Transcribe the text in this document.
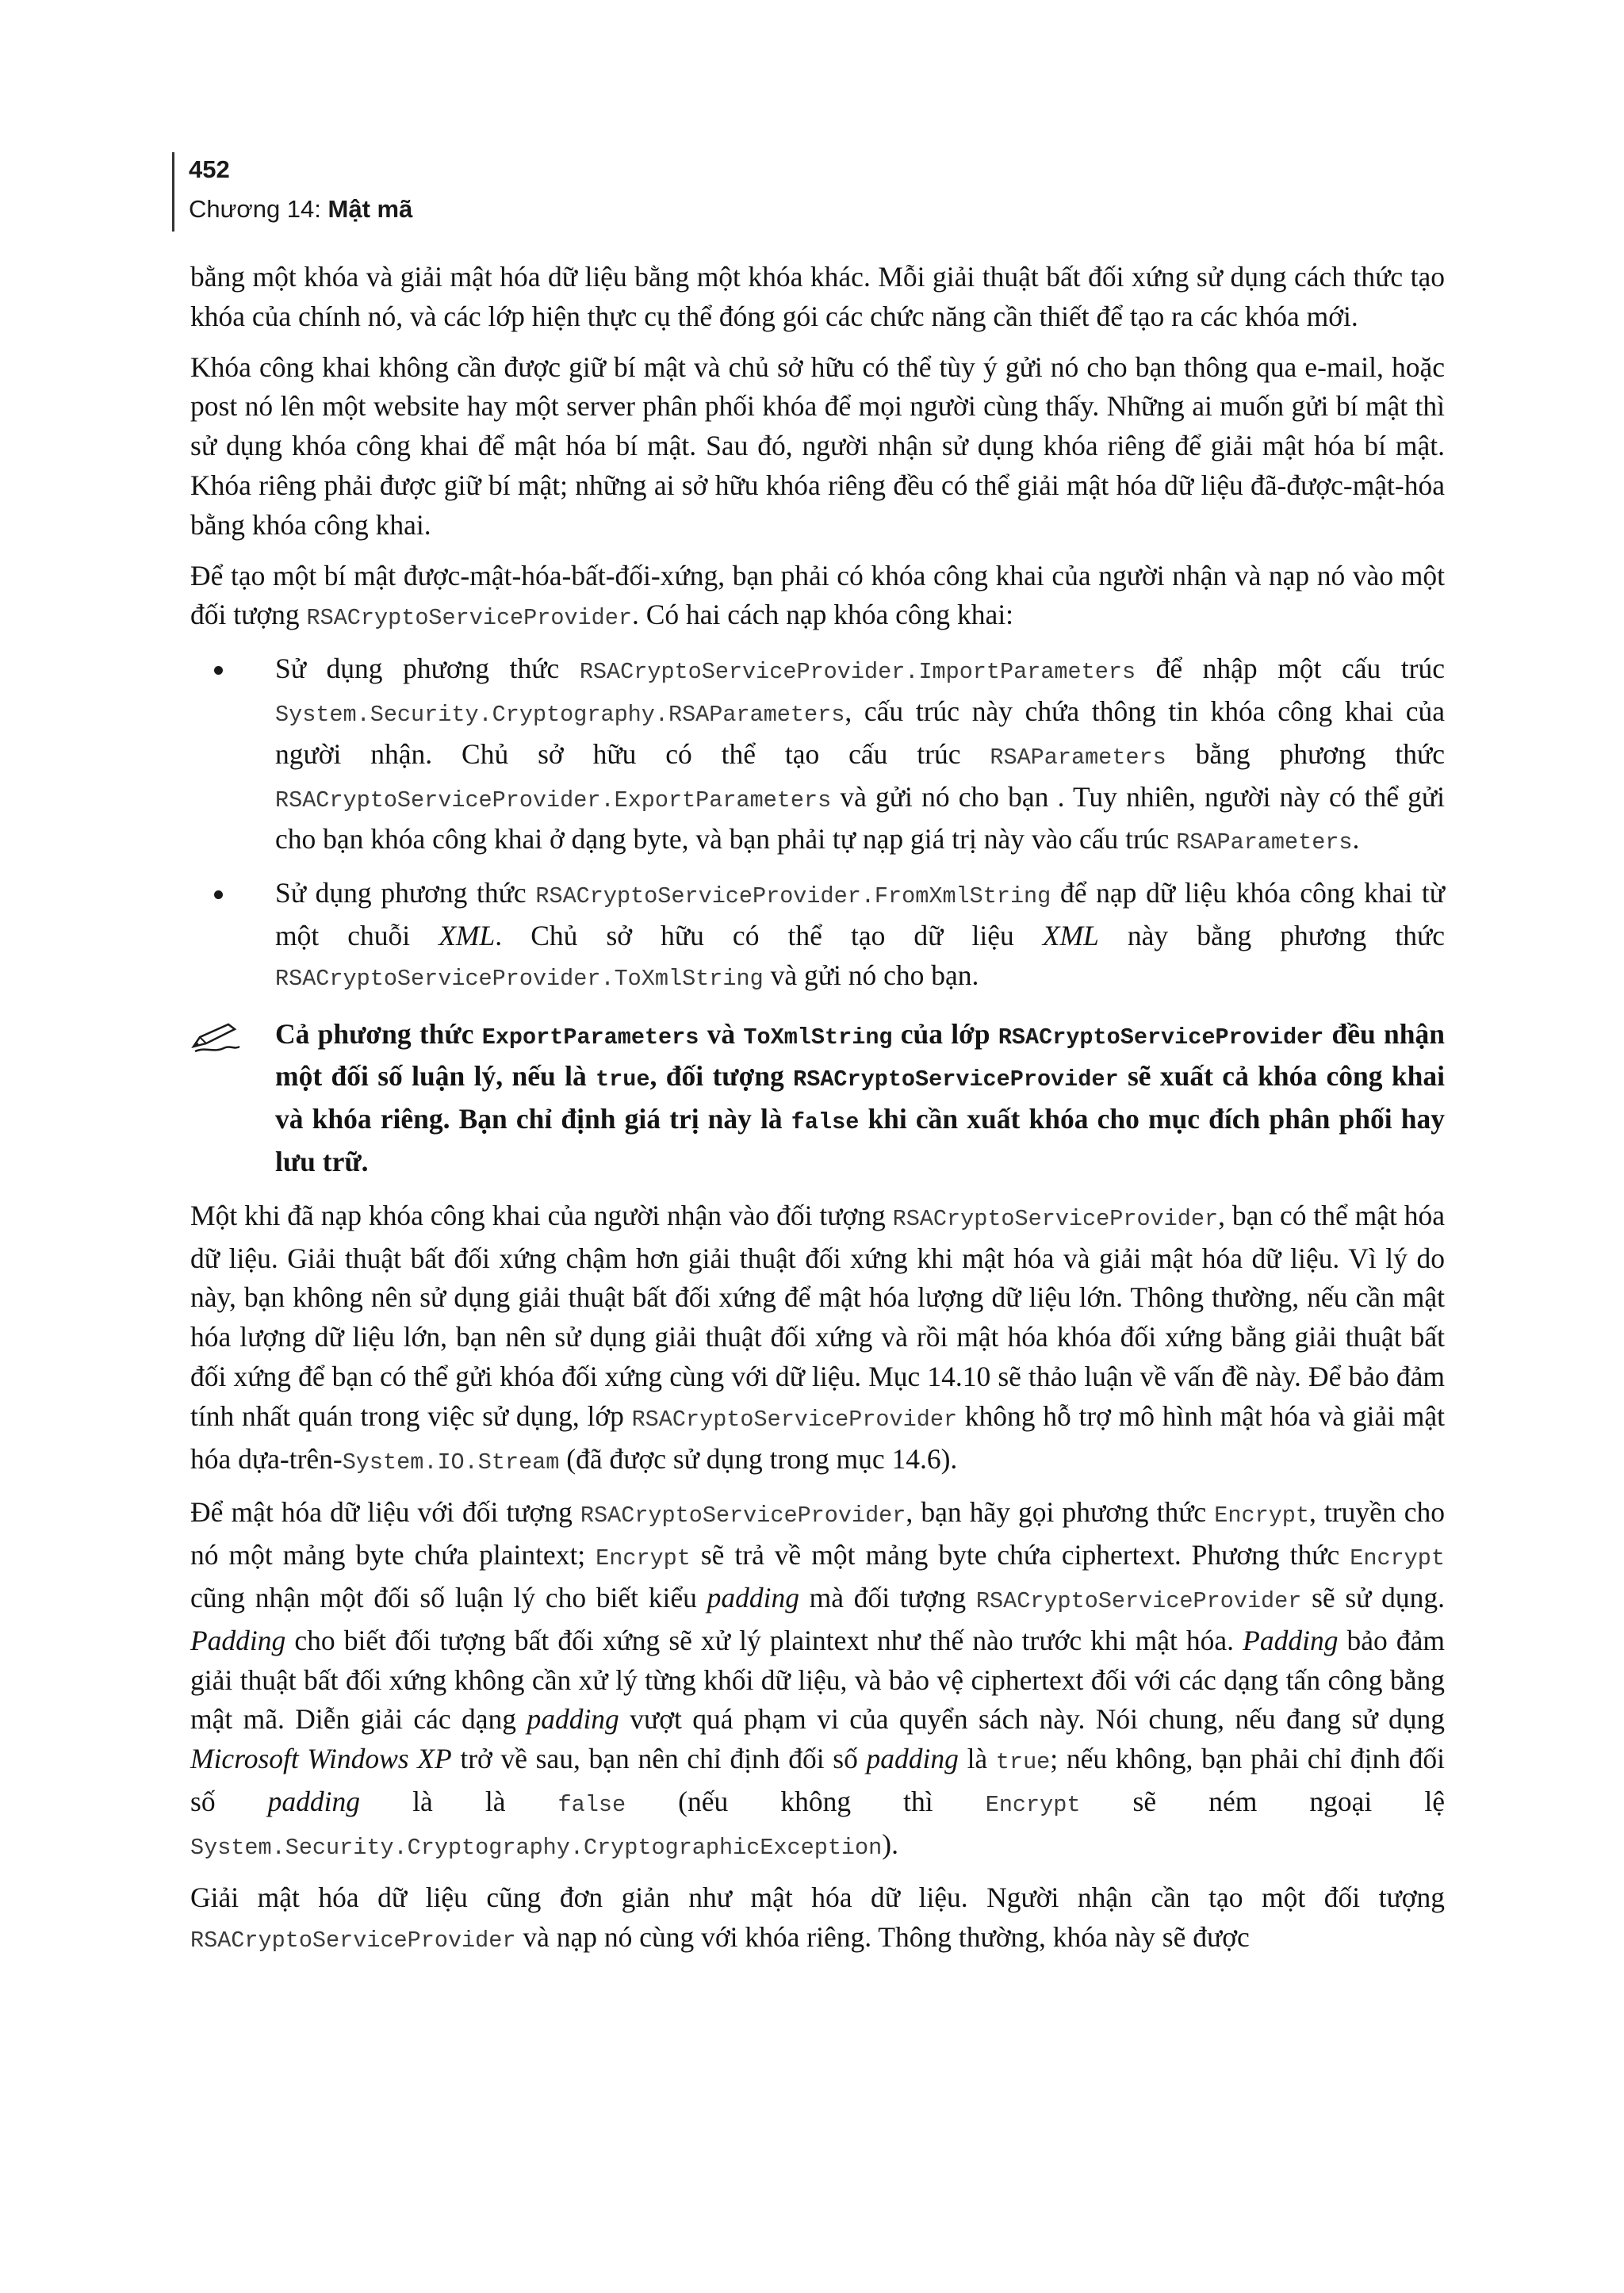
452
Chương 14: Mật mã

bằng một khóa và giải mật hóa dữ liệu bằng một khóa khác. Mỗi giải thuật bất đối xứng sử dụng cách thức tạo khóa của chính nó, và các lớp hiện thực cụ thể đóng gói các chức năng cần thiết để tạo ra các khóa mới.

Khóa công khai không cần được giữ bí mật và chủ sở hữu có thể tùy ý gửi nó cho bạn thông qua e-mail, hoặc post nó lên một website hay một server phân phối khóa để mọi người cùng thấy. Những ai muốn gửi bí mật thì sử dụng khóa công khai để mật hóa bí mật. Sau đó, người nhận sử dụng khóa riêng để giải mật hóa bí mật. Khóa riêng phải được giữ bí mật; những ai sở hữu khóa riêng đều có thể giải mật hóa dữ liệu đã-được-mật-hóa bằng khóa công khai.

Để tạo một bí mật được-mật-hóa-bất-đối-xứng, bạn phải có khóa công khai của người nhận và nạp nó vào một đối tượng RSACryptoServiceProvider. Có hai cách nạp khóa công khai:

Sử dụng phương thức RSACryptoServiceProvider.ImportParameters để nhập một cấu trúc System.Security.Cryptography.RSAParameters, cấu trúc này chứa thông tin khóa công khai của người nhận. Chủ sở hữu có thể tạo cấu trúc RSAParameters bằng phương thức RSACryptoServiceProvider.ExportParameters và gửi nó cho bạn . Tuy nhiên, người này có thể gửi cho bạn khóa công khai ở dạng byte, và bạn phải tự nạp giá trị này vào cấu trúc RSAParameters.
Sử dụng phương thức RSACryptoServiceProvider.FromXmlString để nạp dữ liệu khóa công khai từ một chuỗi XML. Chủ sở hữu có thể tạo dữ liệu XML này bằng phương thức RSACryptoServiceProvider.ToXmlString và gửi nó cho bạn.
Cả phương thức ExportParameters và ToXmlString của lớp RSACryptoServiceProvider đều nhận một đối số luận lý, nếu là true, đối tượng RSACryptoServiceProvider sẽ xuất cả khóa công khai và khóa riêng. Bạn chỉ định giá trị này là false khi cần xuất khóa cho mục đích phân phối hay lưu trữ.

Một khi đã nạp khóa công khai của người nhận vào đối tượng RSACryptoServiceProvider, bạn có thể mật hóa dữ liệu. Giải thuật bất đối xứng chậm hơn giải thuật đối xứng khi mật hóa và giải mật hóa dữ liệu. Vì lý do này, bạn không nên sử dụng giải thuật bất đối xứng để mật hóa lượng dữ liệu lớn. Thông thường, nếu cần mật hóa lượng dữ liệu lớn, bạn nên sử dụng giải thuật đối xứng và rồi mật hóa khóa đối xứng bằng giải thuật bất đối xứng để bạn có thể gửi khóa đối xứng cùng với dữ liệu. Mục 14.10 sẽ thảo luận về vấn đề này. Để bảo đảm tính nhất quán trong việc sử dụng, lớp RSACryptoServiceProvider không hỗ trợ mô hình mật hóa và giải mật hóa dựa-trên-System.IO.Stream (đã được sử dụng trong mục 14.6).

Để mật hóa dữ liệu với đối tượng RSACryptoServiceProvider, bạn hãy gọi phương thức Encrypt, truyền cho nó một mảng byte chứa plaintext; Encrypt sẽ trả về một mảng byte chứa ciphertext. Phương thức Encrypt cũng nhận một đối số luận lý cho biết kiểu padding mà đối tượng RSACryptoServiceProvider sẽ sử dụng. Padding cho biết đối tượng bất đối xứng sẽ xử lý plaintext như thế nào trước khi mật hóa. Padding bảo đảm giải thuật bất đối xứng không cần xử lý từng khối dữ liệu, và bảo vệ ciphertext đối với các dạng tấn công bằng mật mã. Diễn giải các dạng padding vượt quá phạm vi của quyển sách này. Nói chung, nếu đang sử dụng Microsoft Windows XP trở về sau, bạn nên chỉ định đối số padding là true; nếu không, bạn phải chỉ định đối số padding là là false (nếu không thì Encrypt sẽ ném ngoại lệ System.Security.Cryptography.CryptographicException).

Giải mật hóa dữ liệu cũng đơn giản như mật hóa dữ liệu. Người nhận cần tạo một đối tượng RSACryptoServiceProvider và nạp nó cùng với khóa riêng. Thông thường, khóa này sẽ được
